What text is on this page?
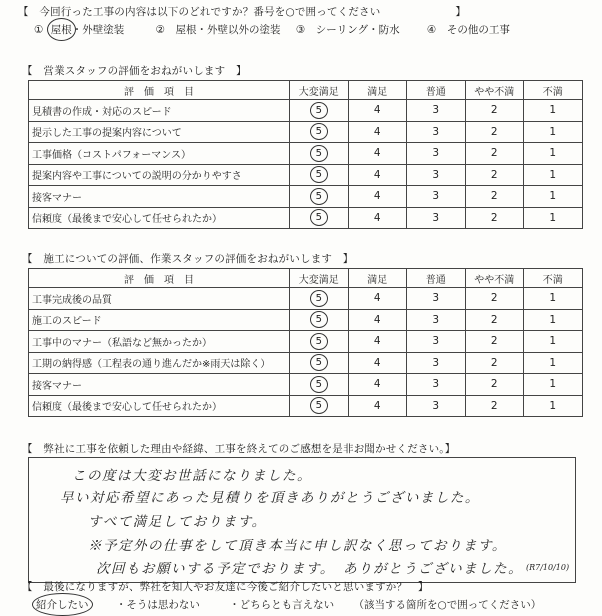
【　今回行った工事の内容は以下のどれですか？番号を○で囲ってください　　　　　　　】
① 屋根・外壁塗装	②　屋根・外壁以外の塗装 ③　シーリング・防水	④　その他の工事
【　営業スタッフの評価をおねがいします　】
評　価　項　目	大変満足	満足	普通	やや不満	不満
見積書の作成・対応のスピード	5	4	3	2	1
提示した工事の提案内容について	5	4	3	2	1
工事価格（コストパフォーマンス）	5	4	3	2	1
提案内容や工事についての説明の分かりやすさ	5	4	3	2	1
接客マナー	5	4	3	2	1
信頼度（最後まで安心して任せられたか）	5	4	3	2	1
【　施工についての評価、作業スタッフの評価をおねがいします　】
評　価　項　目	大変満足	満足	普通	やや不満	不満
工事完成後の品質	5	4	3	2	1
施工のスピード	5	4	3	2	1
工事中のマナー（私語など無かったか）	5	4	3	2	1
工期の納得感（工程表の通り進んだか※雨天は除く）	5	4	3	2	1
接客マナー	5	4	3	2	1
信頼度（最後まで安心して任せられたか）	5	4	3	2	1
【　弊社に工事を依頼した理由や経緯、工事を終えてのご感想を是非お聞かせください。】
この度は大変お世話になりました。
早い対応希望にあった見積りを頂きありがとうございました。
すべて満足しております。
※予定外の仕事をして頂き本当に申し訳なく思っております。
次回もお願いする予定でおります。　ありがとうございました。 (R7/10/10)
【　最後になりますが、弊社を知人やお友達に今後ご紹介したいと思いますか？　】
紹介したい	・そうは思わない	・どちらとも言えない （該当する箇所を○で囲ってください）
